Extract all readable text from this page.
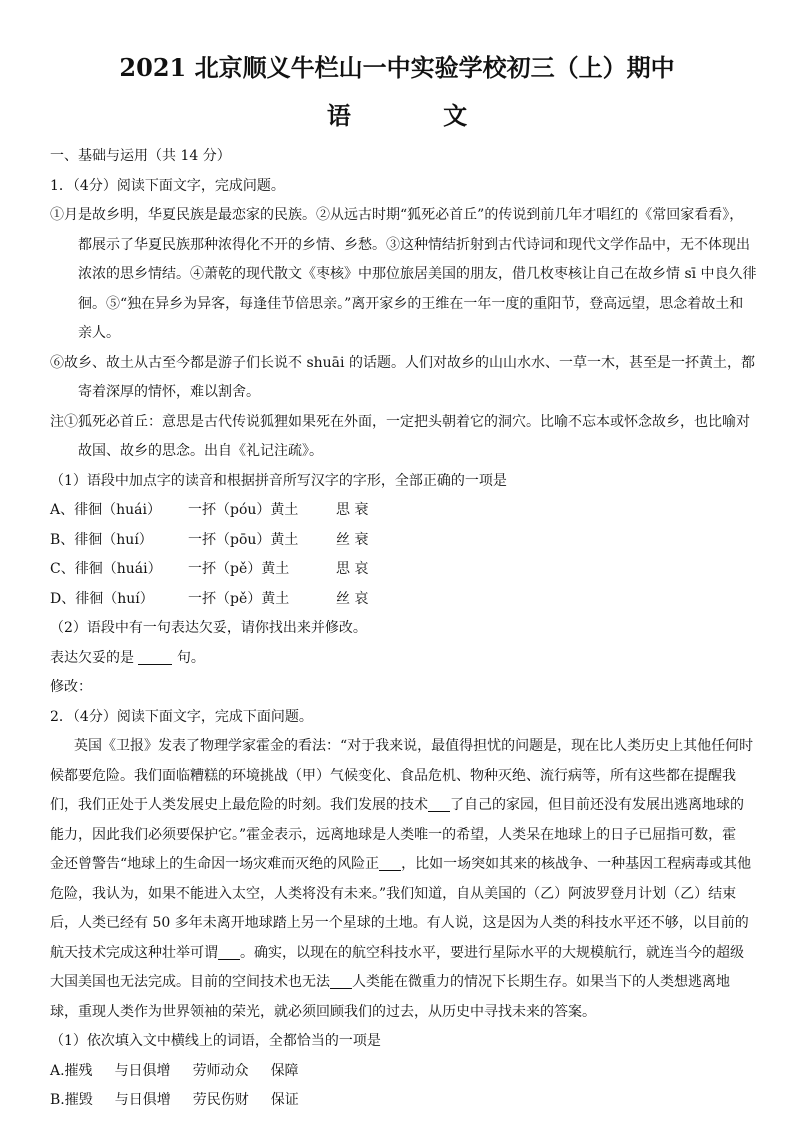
2021 北京顺义牛栏山一中实验学校初三（上）期中
语 文
一、基础与运用（共 14 分）
1．（4分）阅读下面文字，完成问题。
①月是故乡明，华夏民族是最恋家的民族。②从远古时期“狐死必首丘”的传说到前几年才唱红的《常回家看看》，
都展示了华夏民族那种浓得化不开的乡情、乡愁。③这种情结折射到古代诗词和现代文学作品中，无不体现出
浓浓的思乡情结。④萧乾的现代散文《枣核》中那位旅居美国的朋友，借几枚枣核让自己在故乡情 sī 中良久徘
徊。⑤“独在异乡为异客，每逢佳节倍思亲。”离开家乡的王维在一年一度的重阳节，登高远望，思念着故土和
亲人。
⑥故乡、故土从古至今都是游子们长说不 shuāi 的话题。人们对故乡的山山水水、一草一木，甚至是一抔黄土，都
寄着深厚的情怀，难以割舍。
注①狐死必首丘：意思是古代传说狐狸如果死在外面，一定把头朝着它的洞穴。比喻不忘本或怀念故乡，也比喻对
故国、故乡的思念。出自《礼记注疏》。
（1）语段中加点字的读音和根据拼音所写汉字的字形，全部正确的一项是
A、徘徊（huái）	一抔（póu）黄土	思 衰
B、徘徊（huí）	一抔（pōu）黄土	丝 衰
C、徘徊（huái）	一抔（pě）黄土	思 哀
D、徘徊（huí）	一抔（pě）黄土	丝 哀
（2）语段中有一句表达欠妥，请你找出来并修改。
表达欠妥的是	句。
修改：
2．（4分）阅读下面文字，完成下面问题。
英国《卫报》发表了物理学家霍金的看法：“对于我来说，最值得担忧的问题是，现在比人类历史上其他任何时
候都要危险。我们面临糟糕的环境挑战（甲）气候变化、食品危机、物种灭绝、流行病等，所有这些都在提醒我
们，我们正处于人类发展史上最危险的时刻。我们发展的技术 了自己的家园，但目前还没有发展出逃离地球的
能力，因此我们必须要保护它。”霍金表示，远离地球是人类唯一的希望，人类呆在地球上的日子已屈指可数，霍
金还曾警告“地球上的生命因一场灾难而灭绝的风险正 ，比如一场突如其来的核战争、一种基因工程病毒或其他
危险，我认为，如果不能进入太空，人类将没有未来。”我们知道，自从美国的（乙）阿波罗登月计划（乙）结束
后，人类已经有 50 多年未离开地球踏上另一个星球的土地。有人说，这是因为人类的科技水平还不够，以目前的
航天技术完成这种壮举可谓 。确实，以现在的航空科技水平，要进行星际水平的大规模航行，就连当今的超级
大国美国也无法完成。目前的空间技术也无法 人类能在微重力的情况下长期生存。如果当下的人类想逃离地
球，重现人类作为世界领袖的荣光，就必须回顾我们的过去，从历史中寻找未来的答案。
（1）依次填入文中横线上的词语，全都恰当的一项是
A.摧残 与日俱增 劳师动众 保障
B.摧毁 与日俱增 劳民伤财 保证
